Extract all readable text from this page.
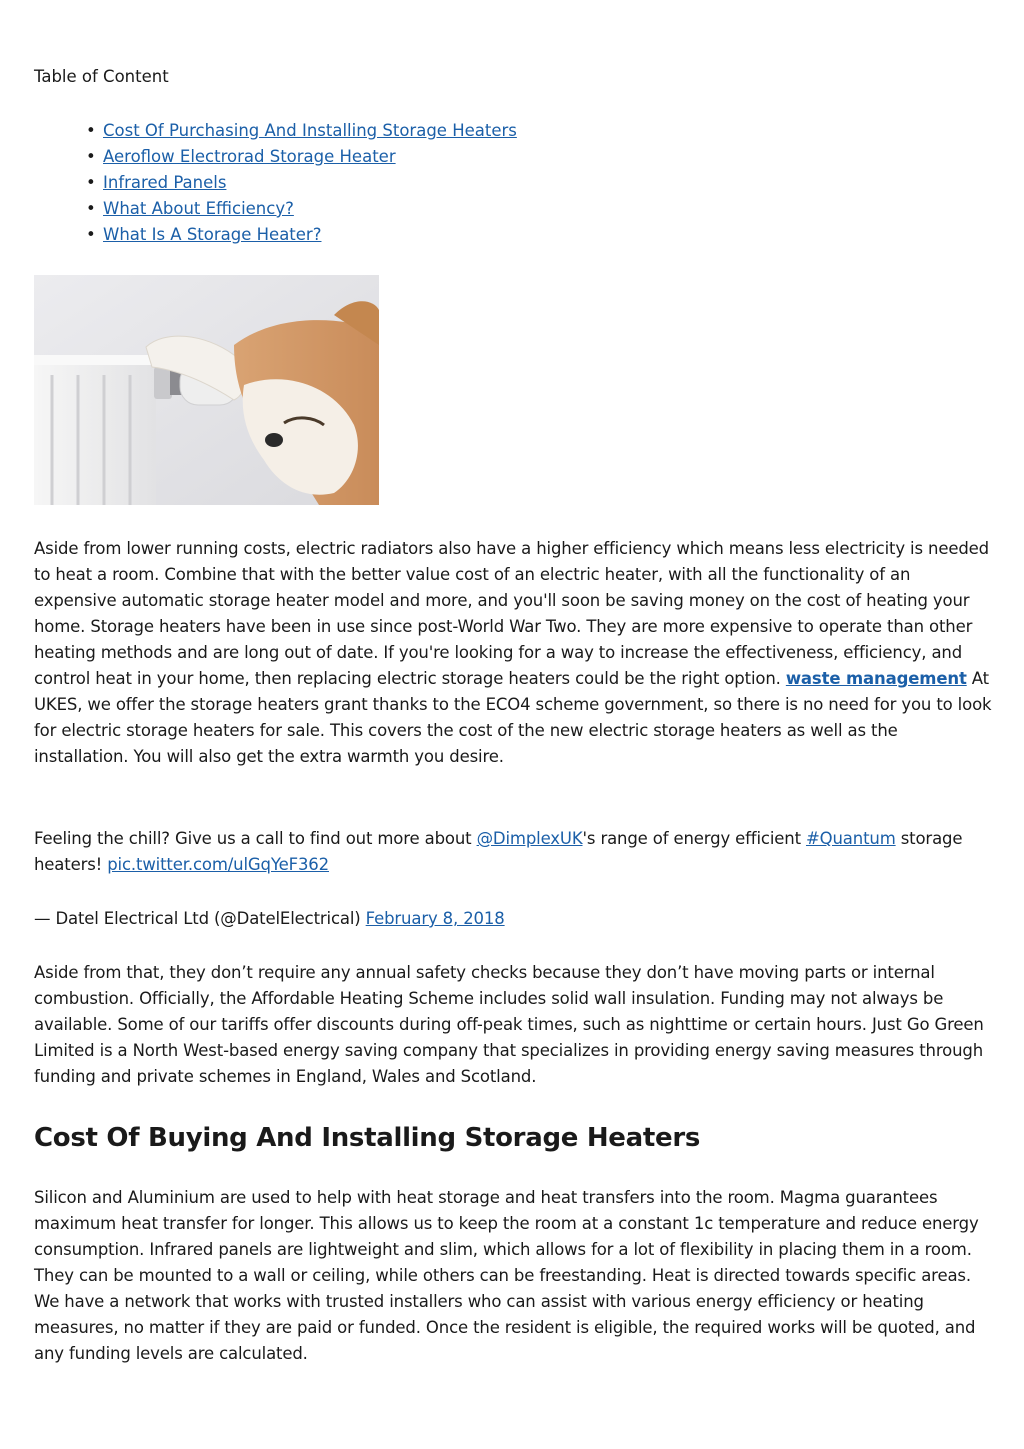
Table of Content

• Cost Of Purchasing And Installing Storage Heaters
• Aeroflow Electrorad Storage Heater
• Infrared Panels
• What About Efficiency?
• What Is A Storage Heater?

Aside from lower running costs, electric radiators also have a higher efficiency which means less electricity is needed to heat a room. Combine that with the better value cost of an electric heater, with all the functionality of an expensive automatic storage heater model and more, and you'll soon be saving money on the cost of heating your home. Storage heaters have been in use since post-World War Two. They are more expensive to operate than other heating methods and are long out of date. If you're looking for a way to increase the effectiveness, efficiency, and control heat in your home, then replacing electric storage heaters could be the right option. waste management At UKES, we offer the storage heaters grant thanks to the ECO4 scheme government, so there is no need for you to look for electric storage heaters for sale. This covers the cost of the new electric storage heaters as well as the installation. You will also get the extra warmth you desire.

Feeling the chill? Give us a call to find out more about @DimplexUK's range of energy efficient #Quantum storage heaters! pic.twitter.com/ulGqYeF362

— Datel Electrical Ltd (@DatelElectrical) February 8, 2018

Aside from that, they don’t require any annual safety checks because they don’t have moving parts or internal combustion. Officially, the Affordable Heating Scheme includes solid wall insulation. Funding may not always be available. Some of our tariffs offer discounts during off-peak times, such as nighttime or certain hours. Just Go Green Limited is a North West-based energy saving company that specializes in providing energy saving measures through funding and private schemes in England, Wales and Scotland.

Cost Of Buying And Installing Storage Heaters

Silicon and Aluminium are used to help with heat storage and heat transfers into the room. Magma guarantees maximum heat transfer for longer. This allows us to keep the room at a constant 1c temperature and reduce energy consumption. Infrared panels are lightweight and slim, which allows for a lot of flexibility in placing them in a room. They can be mounted to a wall or ceiling, while others can be freestanding. Heat is directed towards specific areas. We have a network that works with trusted installers who can assist with various energy efficiency or heating measures, no matter if they are paid or funded. Once the resident is eligible, the required works will be quoted, and any funding levels are calculated.
